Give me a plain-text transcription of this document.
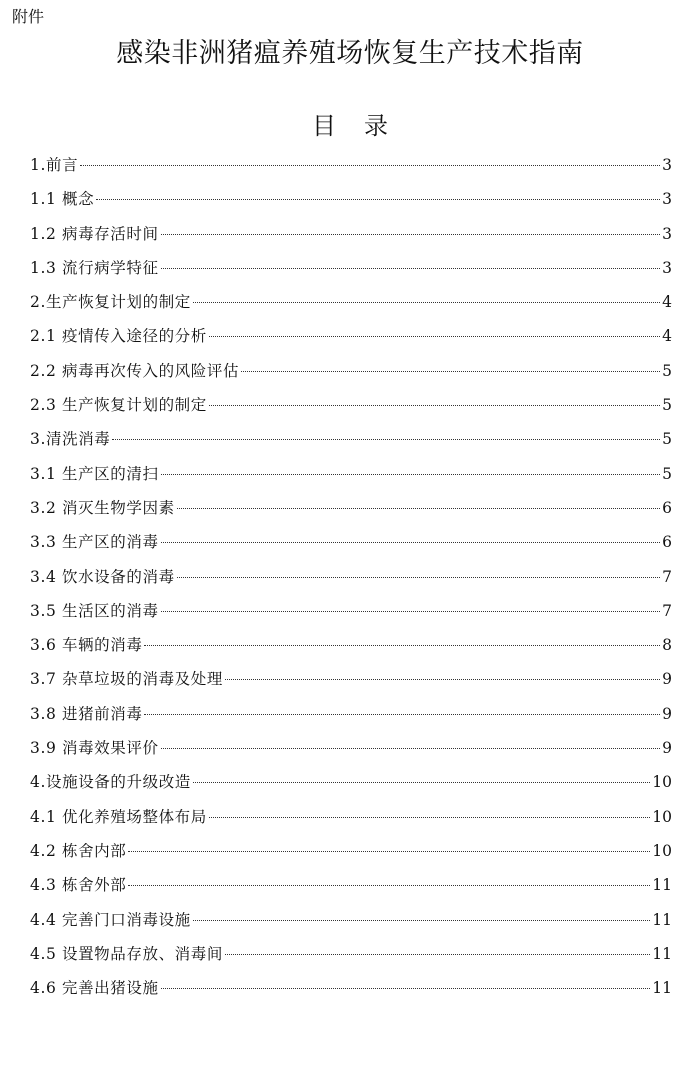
附件
感染非洲猪瘟养殖场恢复生产技术指南
目录
1.前言	3
1.1 概念	3
1.2 病毒存活时间	3
1.3 流行病学特征	3
2.生产恢复计划的制定	4
2.1 疫情传入途径的分析	4
2.2 病毒再次传入的风险评估	5
2.3 生产恢复计划的制定	5
3.清洗消毒	5
3.1 生产区的清扫	5
3.2 消灭生物学因素	6
3.3 生产区的消毒	6
3.4 饮水设备的消毒	7
3.5 生活区的消毒	7
3.6 车辆的消毒	8
3.7 杂草垃圾的消毒及处理	9
3.8 进猪前消毒	9
3.9 消毒效果评价	9
4.设施设备的升级改造	10
4.1 优化养殖场整体布局	10
4.2 栋舍内部	10
4.3 栋舍外部	11
4.4 完善门口消毒设施	11
4.5 设置物品存放、消毒间	11
4.6 完善出猪设施	11
